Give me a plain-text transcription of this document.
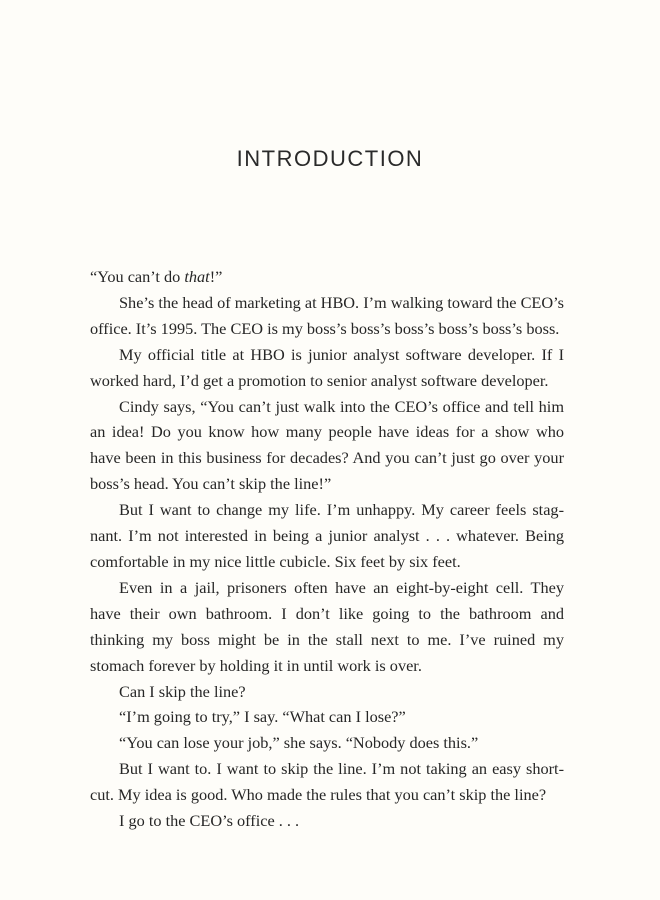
INTRODUCTION

“You can’t do that!”

She’s the head of marketing at HBO. I’m walking toward the CEO’s office. It’s 1995. The CEO is my boss’s boss’s boss’s boss’s boss’s boss.

My official title at HBO is junior analyst software developer. If I worked hard, I’d get a promotion to senior analyst software developer.

Cindy says, “You can’t just walk into the CEO’s office and tell him an idea! Do you know how many people have ideas for a show who have been in this business for decades? And you can’t just go over your boss’s head. You can’t skip the line!”

But I want to change my life. I’m unhappy. My career feels stagnant. I’m not interested in being a junior analyst . . . whatever. Being comfortable in my nice little cubicle. Six feet by six feet.

Even in a jail, prisoners often have an eight-by-eight cell. They have their own bathroom. I don’t like going to the bathroom and thinking my boss might be in the stall next to me. I’ve ruined my stomach forever by holding it in until work is over.

Can I skip the line?

“I’m going to try,” I say. “What can I lose?”

“You can lose your job,” she says. “Nobody does this.”

But I want to. I want to skip the line. I’m not taking an easy shortcut. My idea is good. Who made the rules that you can’t skip the line?

I go to the CEO’s office . . .
